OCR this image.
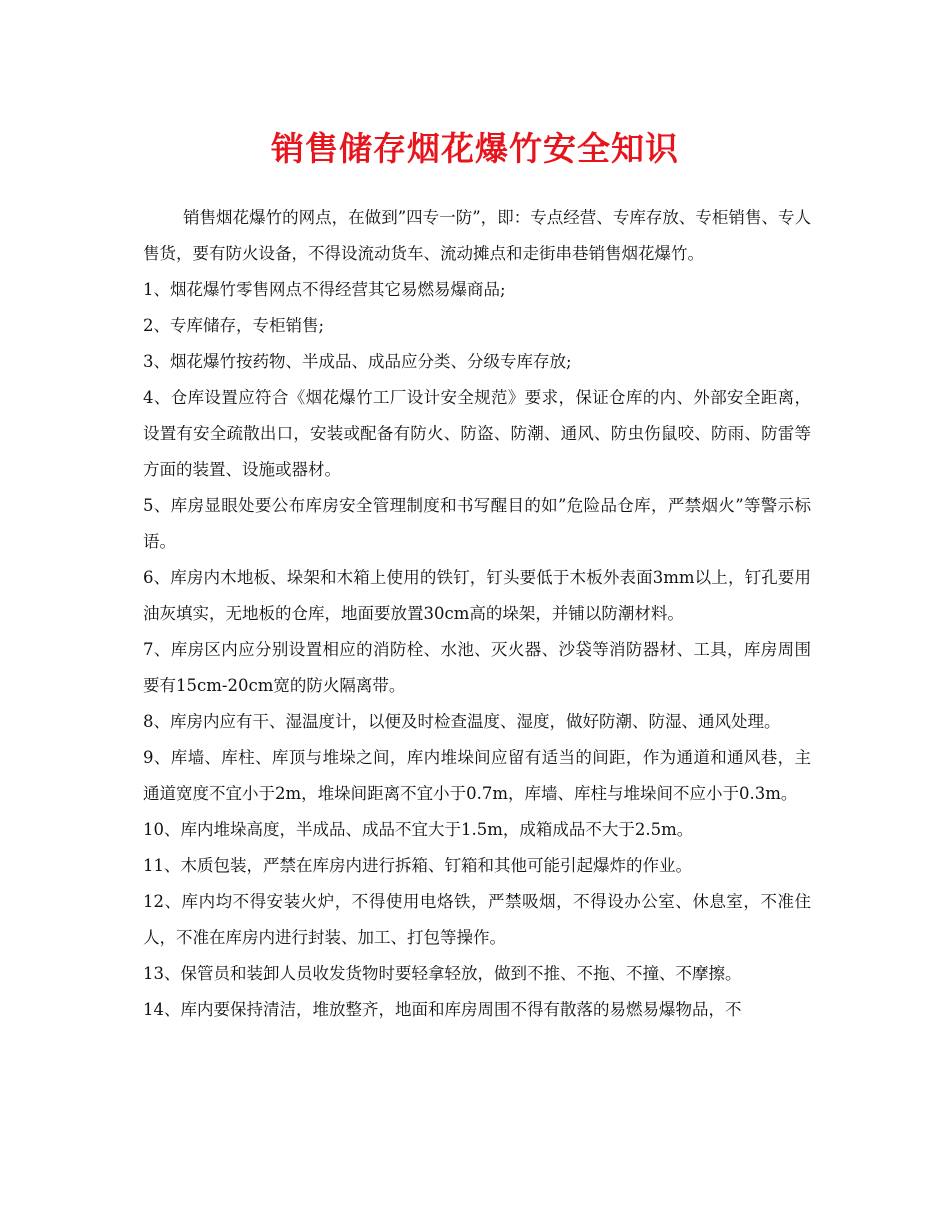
销售储存烟花爆竹安全知识

销售烟花爆竹的网点，在做到”四专一防”，即：专点经营、专库存放、专柜销售、专人售货，要有防火设备，不得设流动货车、流动摊点和走街串巷销售烟花爆竹。

1、烟花爆竹零售网点不得经营其它易燃易爆商品;

2、专库储存，专柜销售;

3、烟花爆竹按药物、半成品、成品应分类、分级专库存放;

4、仓库设置应符合《烟花爆竹工厂设计安全规范》要求，保证仓库的内、外部安全距离，设置有安全疏散出口，安装或配备有防火、防盗、防潮、通风、防虫伤鼠咬、防雨、防雷等方面的装置、设施或器材。

5、库房显眼处要公布库房安全管理制度和书写醒目的如”危险品仓库，严禁烟火”等警示标语。

6、库房内木地板、垛架和木箱上使用的铁钉，钉头要低于木板外表面3mm以上，钉孔要用油灰填实，无地板的仓库，地面要放置30cm高的垛架，并铺以防潮材料。

7、库房区内应分别设置相应的消防栓、水池、灭火器、沙袋等消防器材、工具，库房周围要有15cm-20cm宽的防火隔离带。

8、库房内应有干、湿温度计，以便及时检查温度、湿度，做好防潮、防湿、通风处理。

9、库墙、库柱、库顶与堆垛之间，库内堆垛间应留有适当的间距，作为通道和通风巷，主通道宽度不宜小于2m，堆垛间距离不宜小于0.7m，库墙、库柱与堆垛间不应小于0.3m。

10、库内堆垛高度，半成品、成品不宜大于1.5m，成箱成品不大于2.5m。

11、木质包装，严禁在库房内进行拆箱、钉箱和其他可能引起爆炸的作业。

12、库内均不得安装火炉，不得使用电烙铁，严禁吸烟，不得设办公室、休息室，不准住人，不准在库房内进行封装、加工、打包等操作。

13、保管员和装卸人员收发货物时要轻拿轻放，做到不推、不拖、不撞、不摩擦。

14、库内要保持清洁，堆放整齐，地面和库房周围不得有散落的易燃易爆物品，不
